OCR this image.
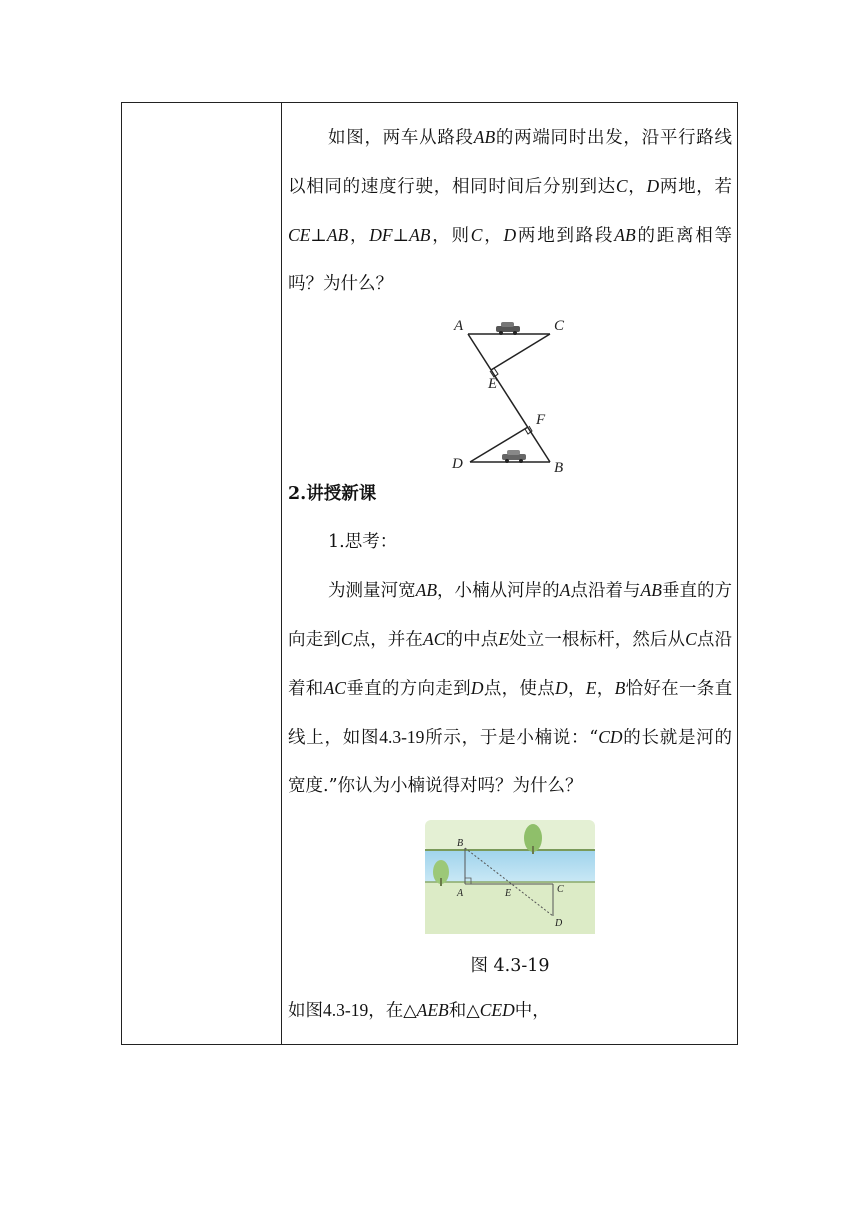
如图，两车从路段AB的两端同时出发，沿平行路线以相同的速度行驶，相同时间后分别到达C，D两地，若CE⊥AB，DF⊥AB，则C，D两地到路段AB的距离相等吗？为什么？

A	C
E
F
D	B

2.讲授新课

1.思考：

为测量河宽AB，小楠从河岸的A点沿着与AB垂直的方向走到C点，并在AC的中点E处立一根标杆，然后从C点沿着和AC垂直的方向走到D点，使点D，E，B恰好在一条直线上，如图4.3-19所示，于是小楠说：“CD的长就是河的宽度.”你认为小楠说得对吗？为什么？

B
A	E	C
D

图 4.3-19

如图4.3-19，在△AEB和△CED中，
